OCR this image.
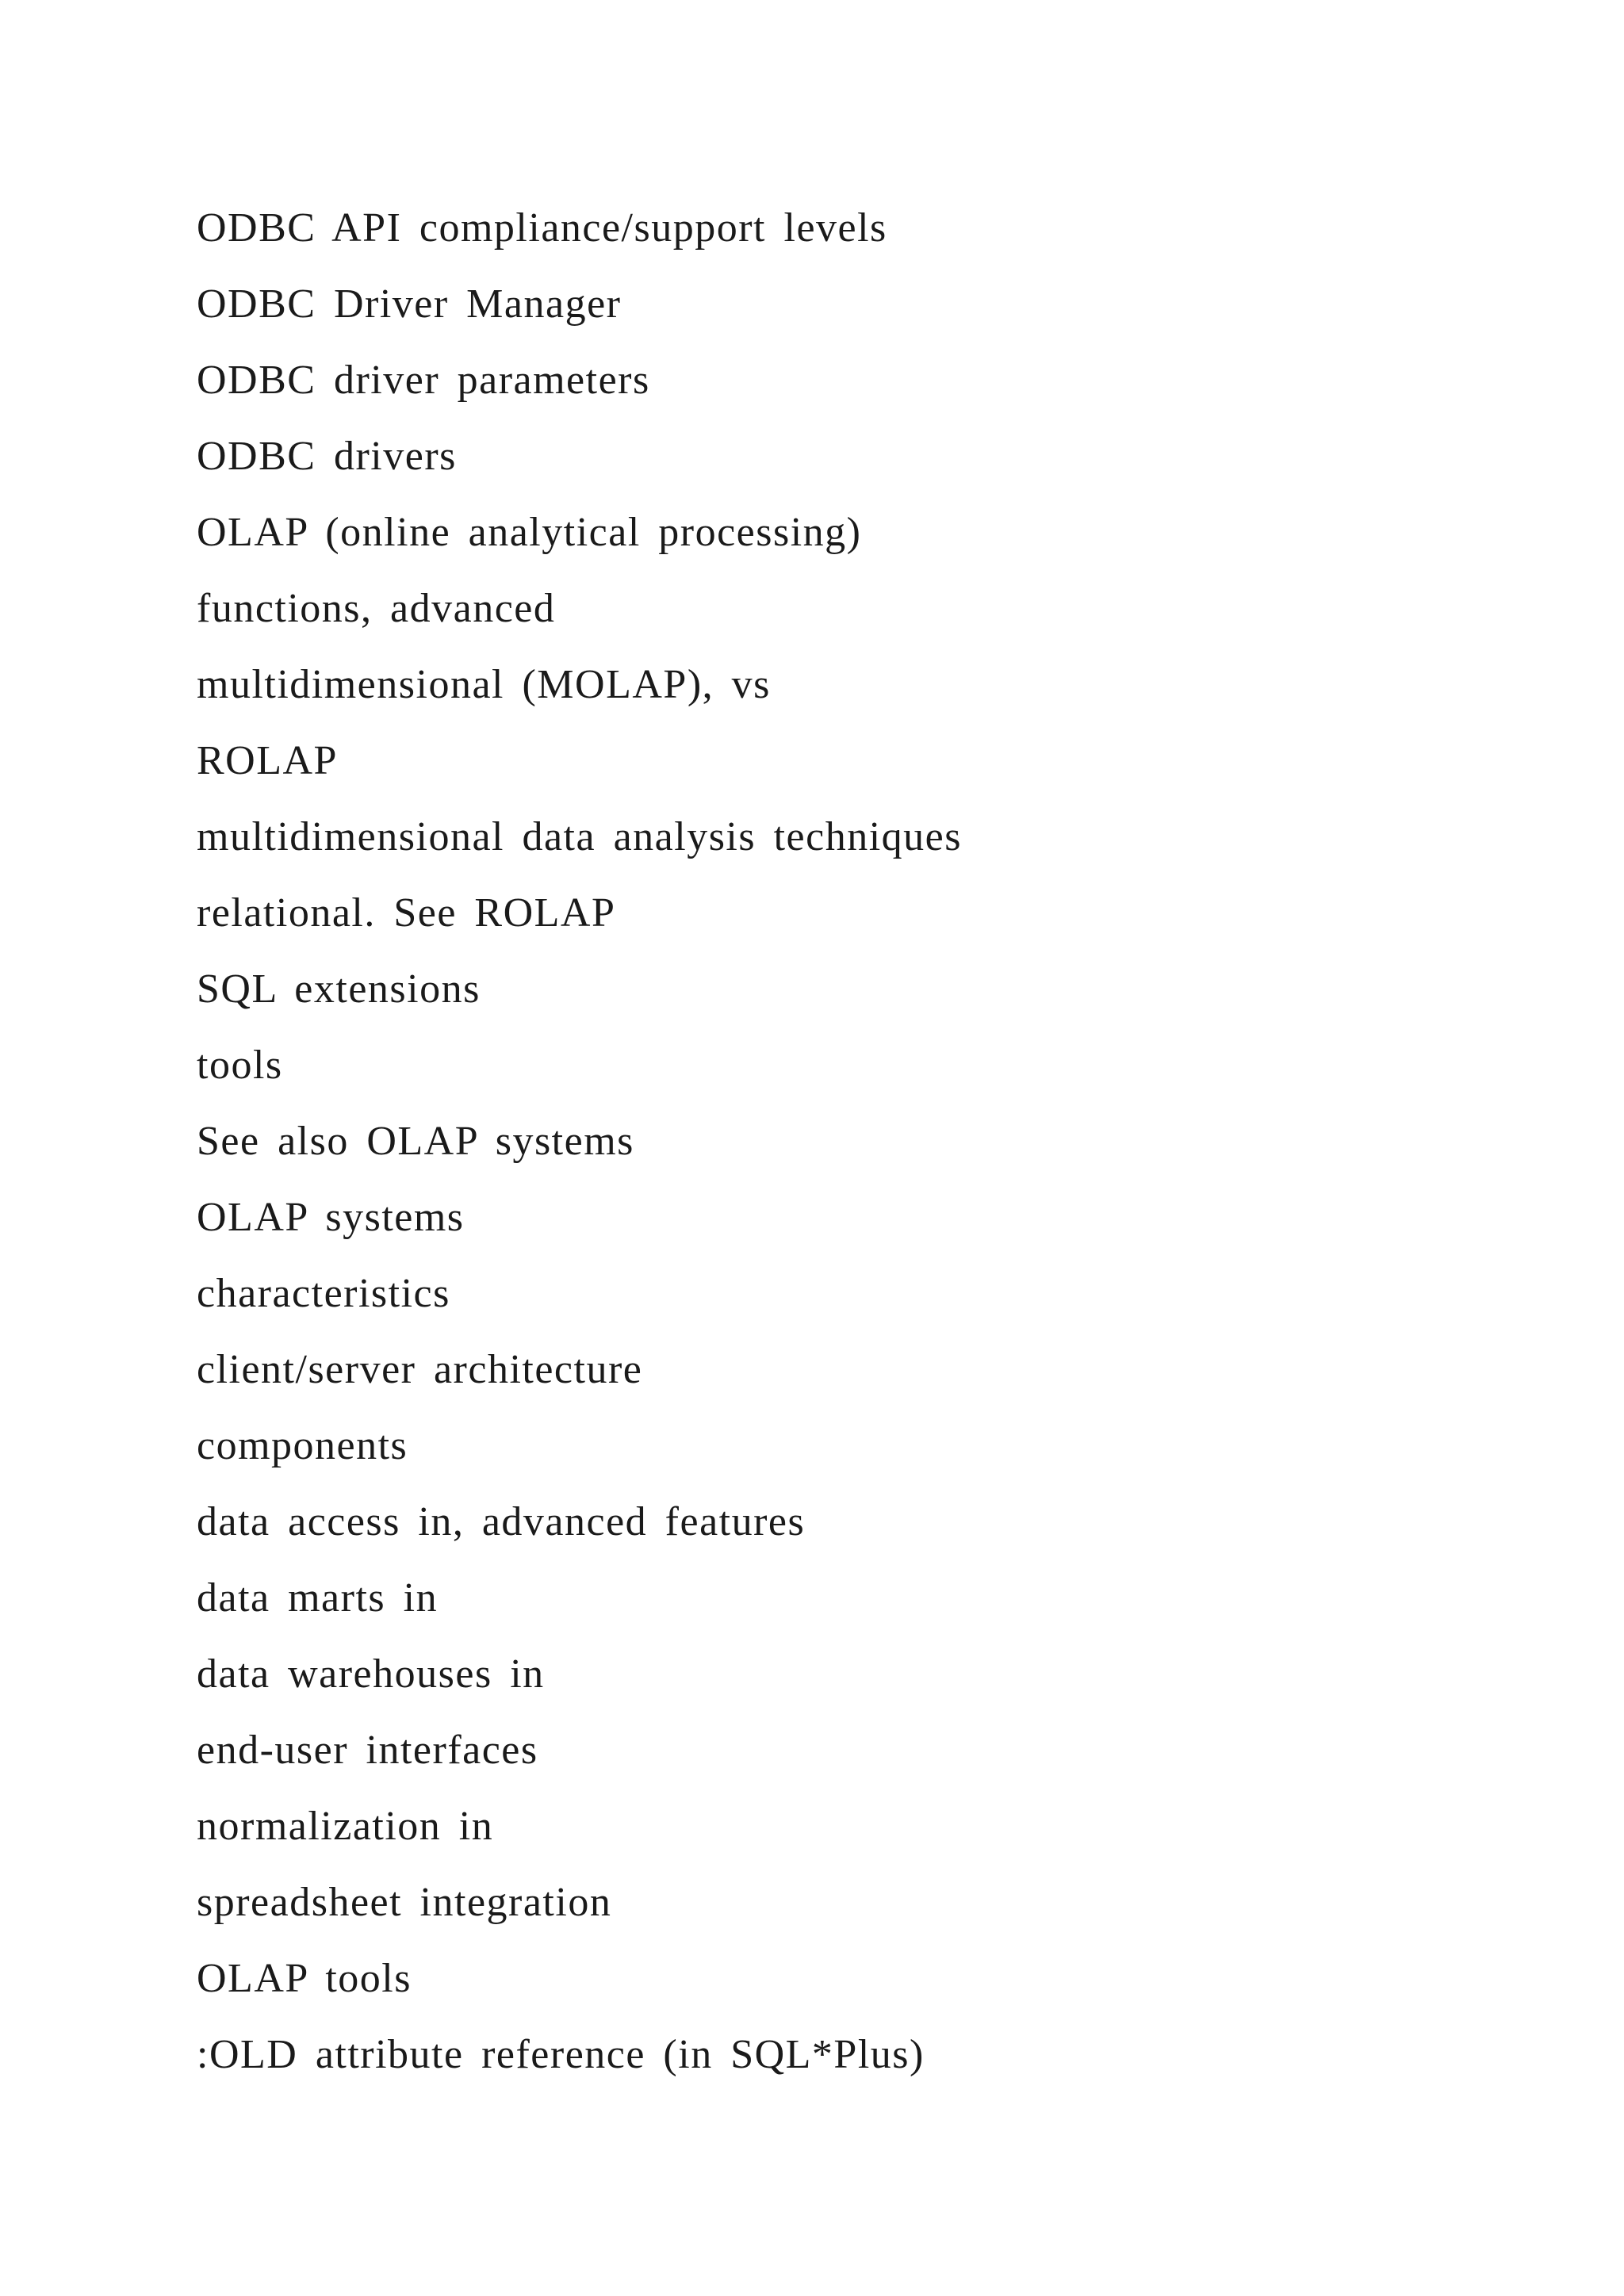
ODBC API compliance/support levels
ODBC Driver Manager
ODBC driver parameters
ODBC drivers
OLAP (online analytical processing)
functions, advanced
multidimensional (MOLAP), vs
ROLAP
multidimensional data analysis techniques
relational. See ROLAP
SQL extensions
tools
See also OLAP systems
OLAP systems
characteristics
client/server architecture
components
data access in, advanced features
data marts in
data warehouses in
end-user interfaces
normalization in
spreadsheet integration
OLAP tools
:OLD attribute reference (in SQL*Plus)
